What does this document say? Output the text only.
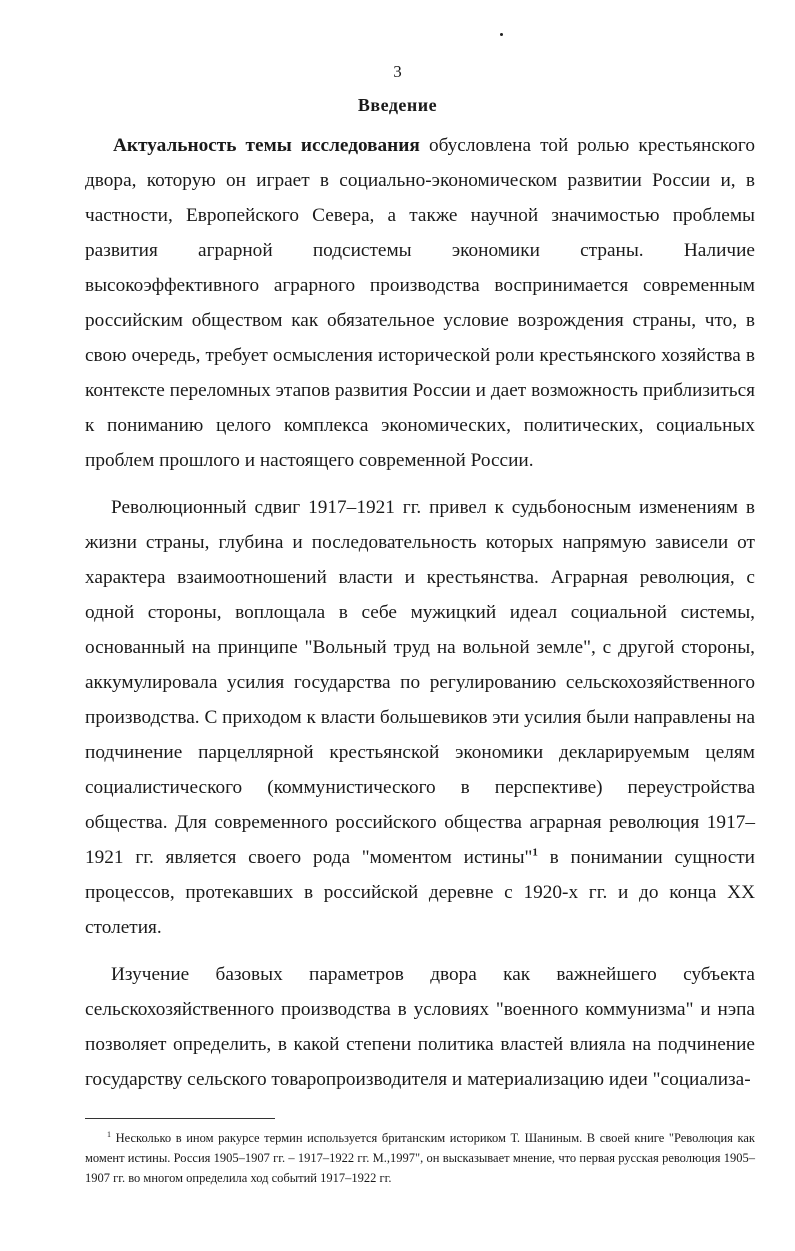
3
Введение

Актуальность темы исследования обусловлена той ролью крестьянского двора, которую он играет в социально-экономическом развитии России и, в частности, Европейского Севера, а также научной значимостью проблемы развития аграрной подсистемы экономики страны. Наличие высокоэффективного аграрного производства воспринимается современным российским обществом как обязательное условие возрождения страны, что, в свою очередь, требует осмысления исторической роли крестьянского хозяйства в контексте переломных этапов развития России и дает возможность приблизиться к пониманию целого комплекса экономических, политических, социальных проблем прошлого и настоящего современной России.

Революционный сдвиг 1917–1921 гг. привел к судьбоносным изменениям в жизни страны, глубина и последовательность которых напрямую зависели от характера взаимоотношений власти и крестьянства. Аграрная революция, с одной стороны, воплощала в себе мужицкий идеал социальной системы, основанный на принципе "Вольный труд на вольной земле", с другой стороны, аккумулировала усилия государства по регулированию сельскохозяйственного производства. С приходом к власти большевиков эти усилия были направлены на подчинение парцеллярной крестьянской экономики декларируемым целям социалистического (коммунистического в перспективе) переустройства общества. Для современного российского общества аграрная революция 1917–1921 гг. является своего рода "моментом истины"$^1$ в понимании сущности процессов, протекавших в российской деревне с 1920-х гг. и до конца XX столетия.

Изучение базовых параметров двора как важнейшего субъекта сельскохозяйственного производства в условиях "военного коммунизма" и нэпа позволяет определить, в какой степени политика властей влияла на подчинение государству сельского товаропроизводителя и материализацию идеи "социализа-

$^1$ Несколько в ином ракурсе термин используется британским историком Т. Шаниным. В своей книге "Революция как момент истины. Россия 1905–1907 гг. – 1917–1922 гг. М.,1997", он высказывает мнение, что первая русская революция 1905–1907 гг. во многом определила ход событий 1917–1922 гг.
